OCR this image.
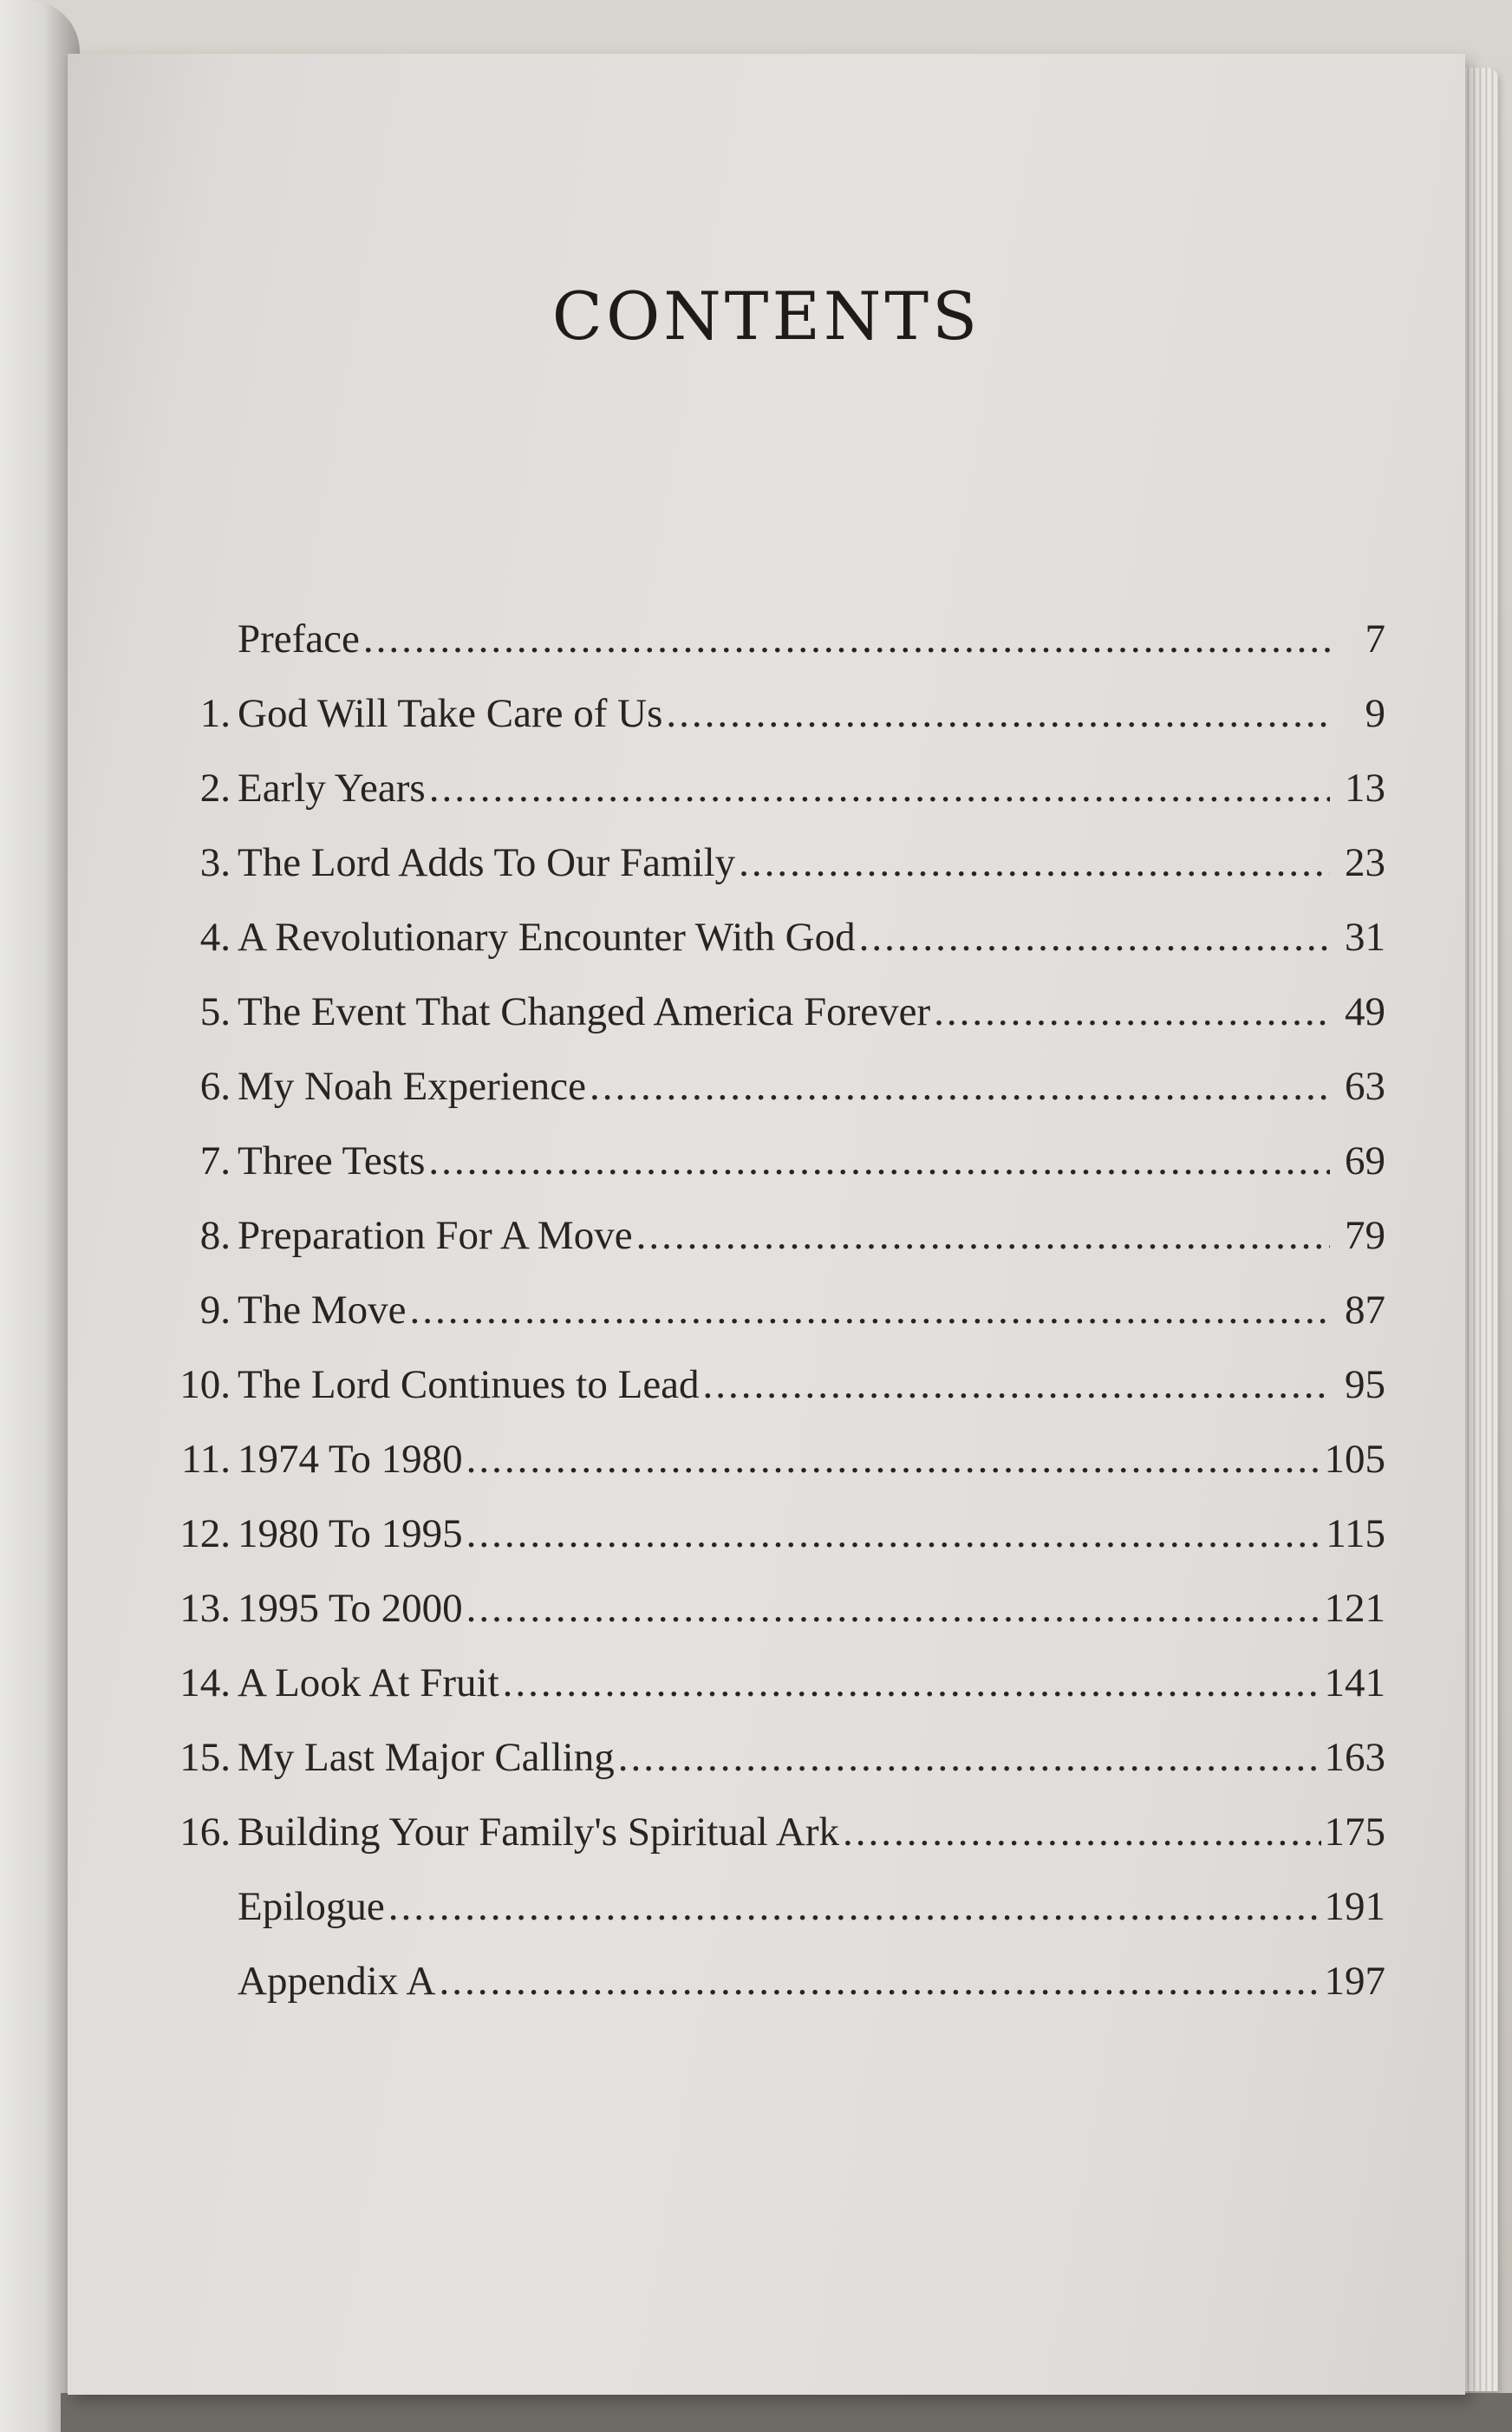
CONTENTS
Preface .....	7
1. God Will Take Care of Us .....	9
2. Early Years .....	13
3. The Lord Adds To Our Family .....	23
4. A Revolutionary Encounter With God .....	31
5. The Event That Changed America Forever .....	49
6. My Noah Experience .....	63
7. Three Tests .....	69
8. Preparation For A Move .....	79
9. The Move .....	87
10. The Lord Continues to Lead .....	95
11. 1974 To 1980 .....	105
12. 1980 To 1995 .....	115
13. 1995 To 2000 .....	121
14. A Look At Fruit .....	141
15. My Last Major Calling .....	163
16. Building Your Family's Spiritual Ark .....	175
Epilogue .....	191
Appendix A .....	197
